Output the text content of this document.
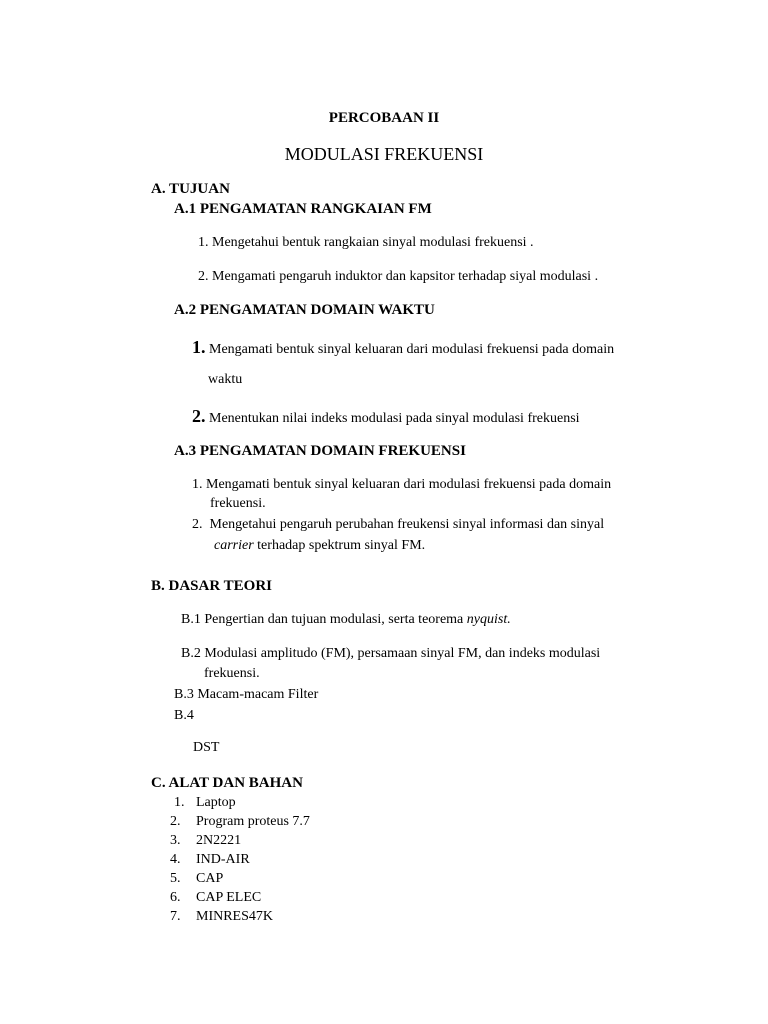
PERCOBAAN II
MODULASI FREKUENSI
A. TUJUAN
A.1 PENGAMATAN RANGKAIAN FM
1. Mengetahui bentuk rangkaian sinyal modulasi frekuensi .
2. Mengamati pengaruh induktor dan kapsitor terhadap siyal modulasi .
A.2 PENGAMATAN DOMAIN WAKTU
1. Mengamati bentuk sinyal keluaran dari modulasi frekuensi pada domain
waktu
2. Menentukan nilai indeks modulasi pada sinyal modulasi frekuensi
A.3 PENGAMATAN DOMAIN FREKUENSI
1. Mengamati bentuk sinyal keluaran dari modulasi frekuensi pada domain
frekuensi.
2. Mengetahui pengaruh perubahan freukensi sinyal informasi dan sinyal
carrier terhadap spektrum sinyal FM.
B. DASAR TEORI
B.1 Pengertian dan tujuan modulasi, serta teorema nyquist.
B.2 Modulasi amplitudo (FM), persamaan sinyal FM, dan indeks modulasi
frekuensi.
B.3 Macam-macam Filter
B.4
DST
C. ALAT DAN BAHAN
1. Laptop
2. Program proteus 7.7
3. 2N2221
4. IND-AIR
5. CAP
6. CAP ELEC
7. MINRES47K
